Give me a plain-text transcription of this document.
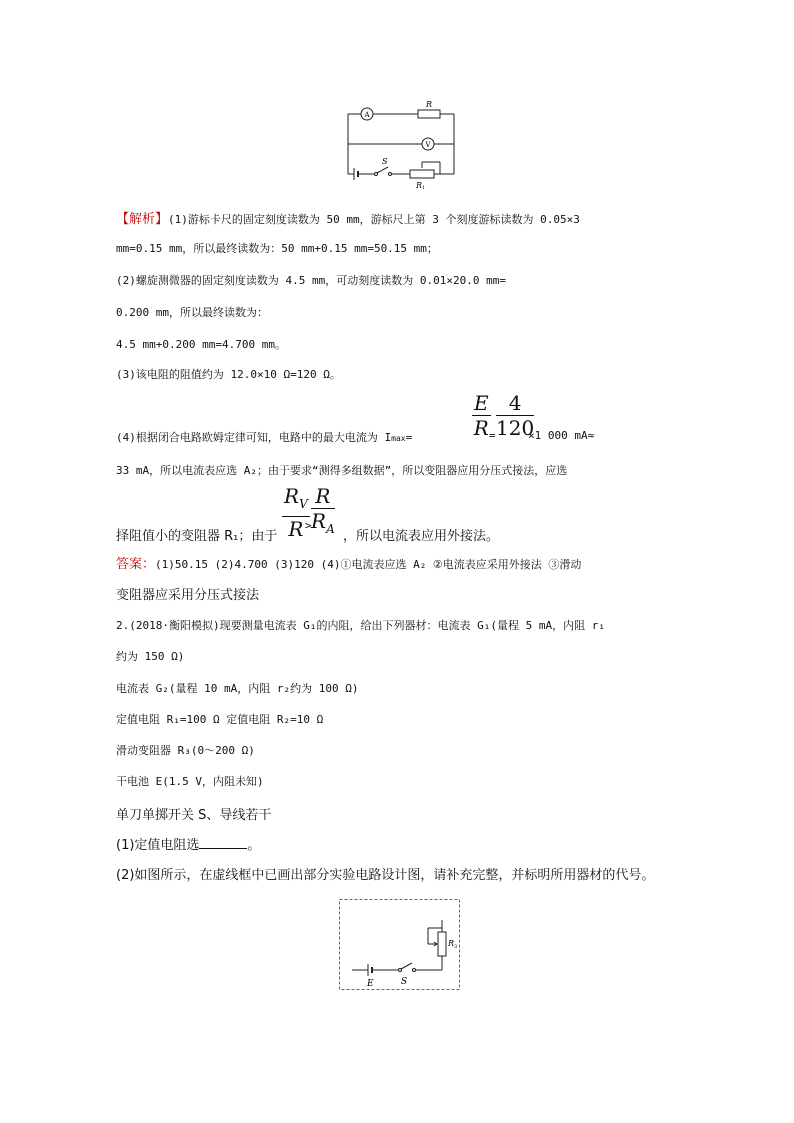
A
V
R
S
R 1
【解析】(1)游标卡尺的固定刻度读数为 50 mm，游标尺上第 3 个刻度游标读数为 0.05×3
mm=0.15 mm，所以最终读数为：50 mm+0.15 mm=50.15 mm；
(2)螺旋测微器的固定刻度读数为 4.5 mm，可动刻度读数为 0.01×20.0 mm=
0.200 mm，所以最终读数为：
4.5 mm+0.200 mm=4.700 mm。
(3)该电阻的阻值约为 12.0×10 Ω=120 Ω。
(4)根据闭合电路欧姆定律可知，电路中的最大电流为 Imax=	$\frac{E}{R}$
= $\frac{4}{120}$
×1 000 mA≈
33 mA，所以电流表应选 A₂；由于要求“测得多组数据”，所以变阻器应用分压式接法，应选
择阻值小的变阻器 R₁；由于 $\frac{R_V}{R}$
> $\frac{R}{R_A}$ ，所以电流表应用外接法。
答案：(1)50.15 (2)4.700 (3)120 (4)①电流表应选 A₂ ②电流表应采用外接法 ③滑动
变阻器应采用分压式接法
2.(2018·衡阳模拟)现要测量电流表 G₁的内阻，给出下列器材：电流表 G₁(量程 5 mA，内阻 r₁
约为 150 Ω)
电流表 G₂(量程 10 mA，内阻 r₂约为 100 Ω)
定值电阻 R₁=100 Ω 定值电阻 R₂=10 Ω
滑动变阻器 R₃(0～200 Ω)
干电池 E(1.5 V，内阻未知)
单刀单掷开关 S、导线若干
(1)定值电阻选	。
(2)如图所示，在虚线框中已画出部分实验电路设计图，请补充完整，并标明所用器材的代号。
E	S
R 3
